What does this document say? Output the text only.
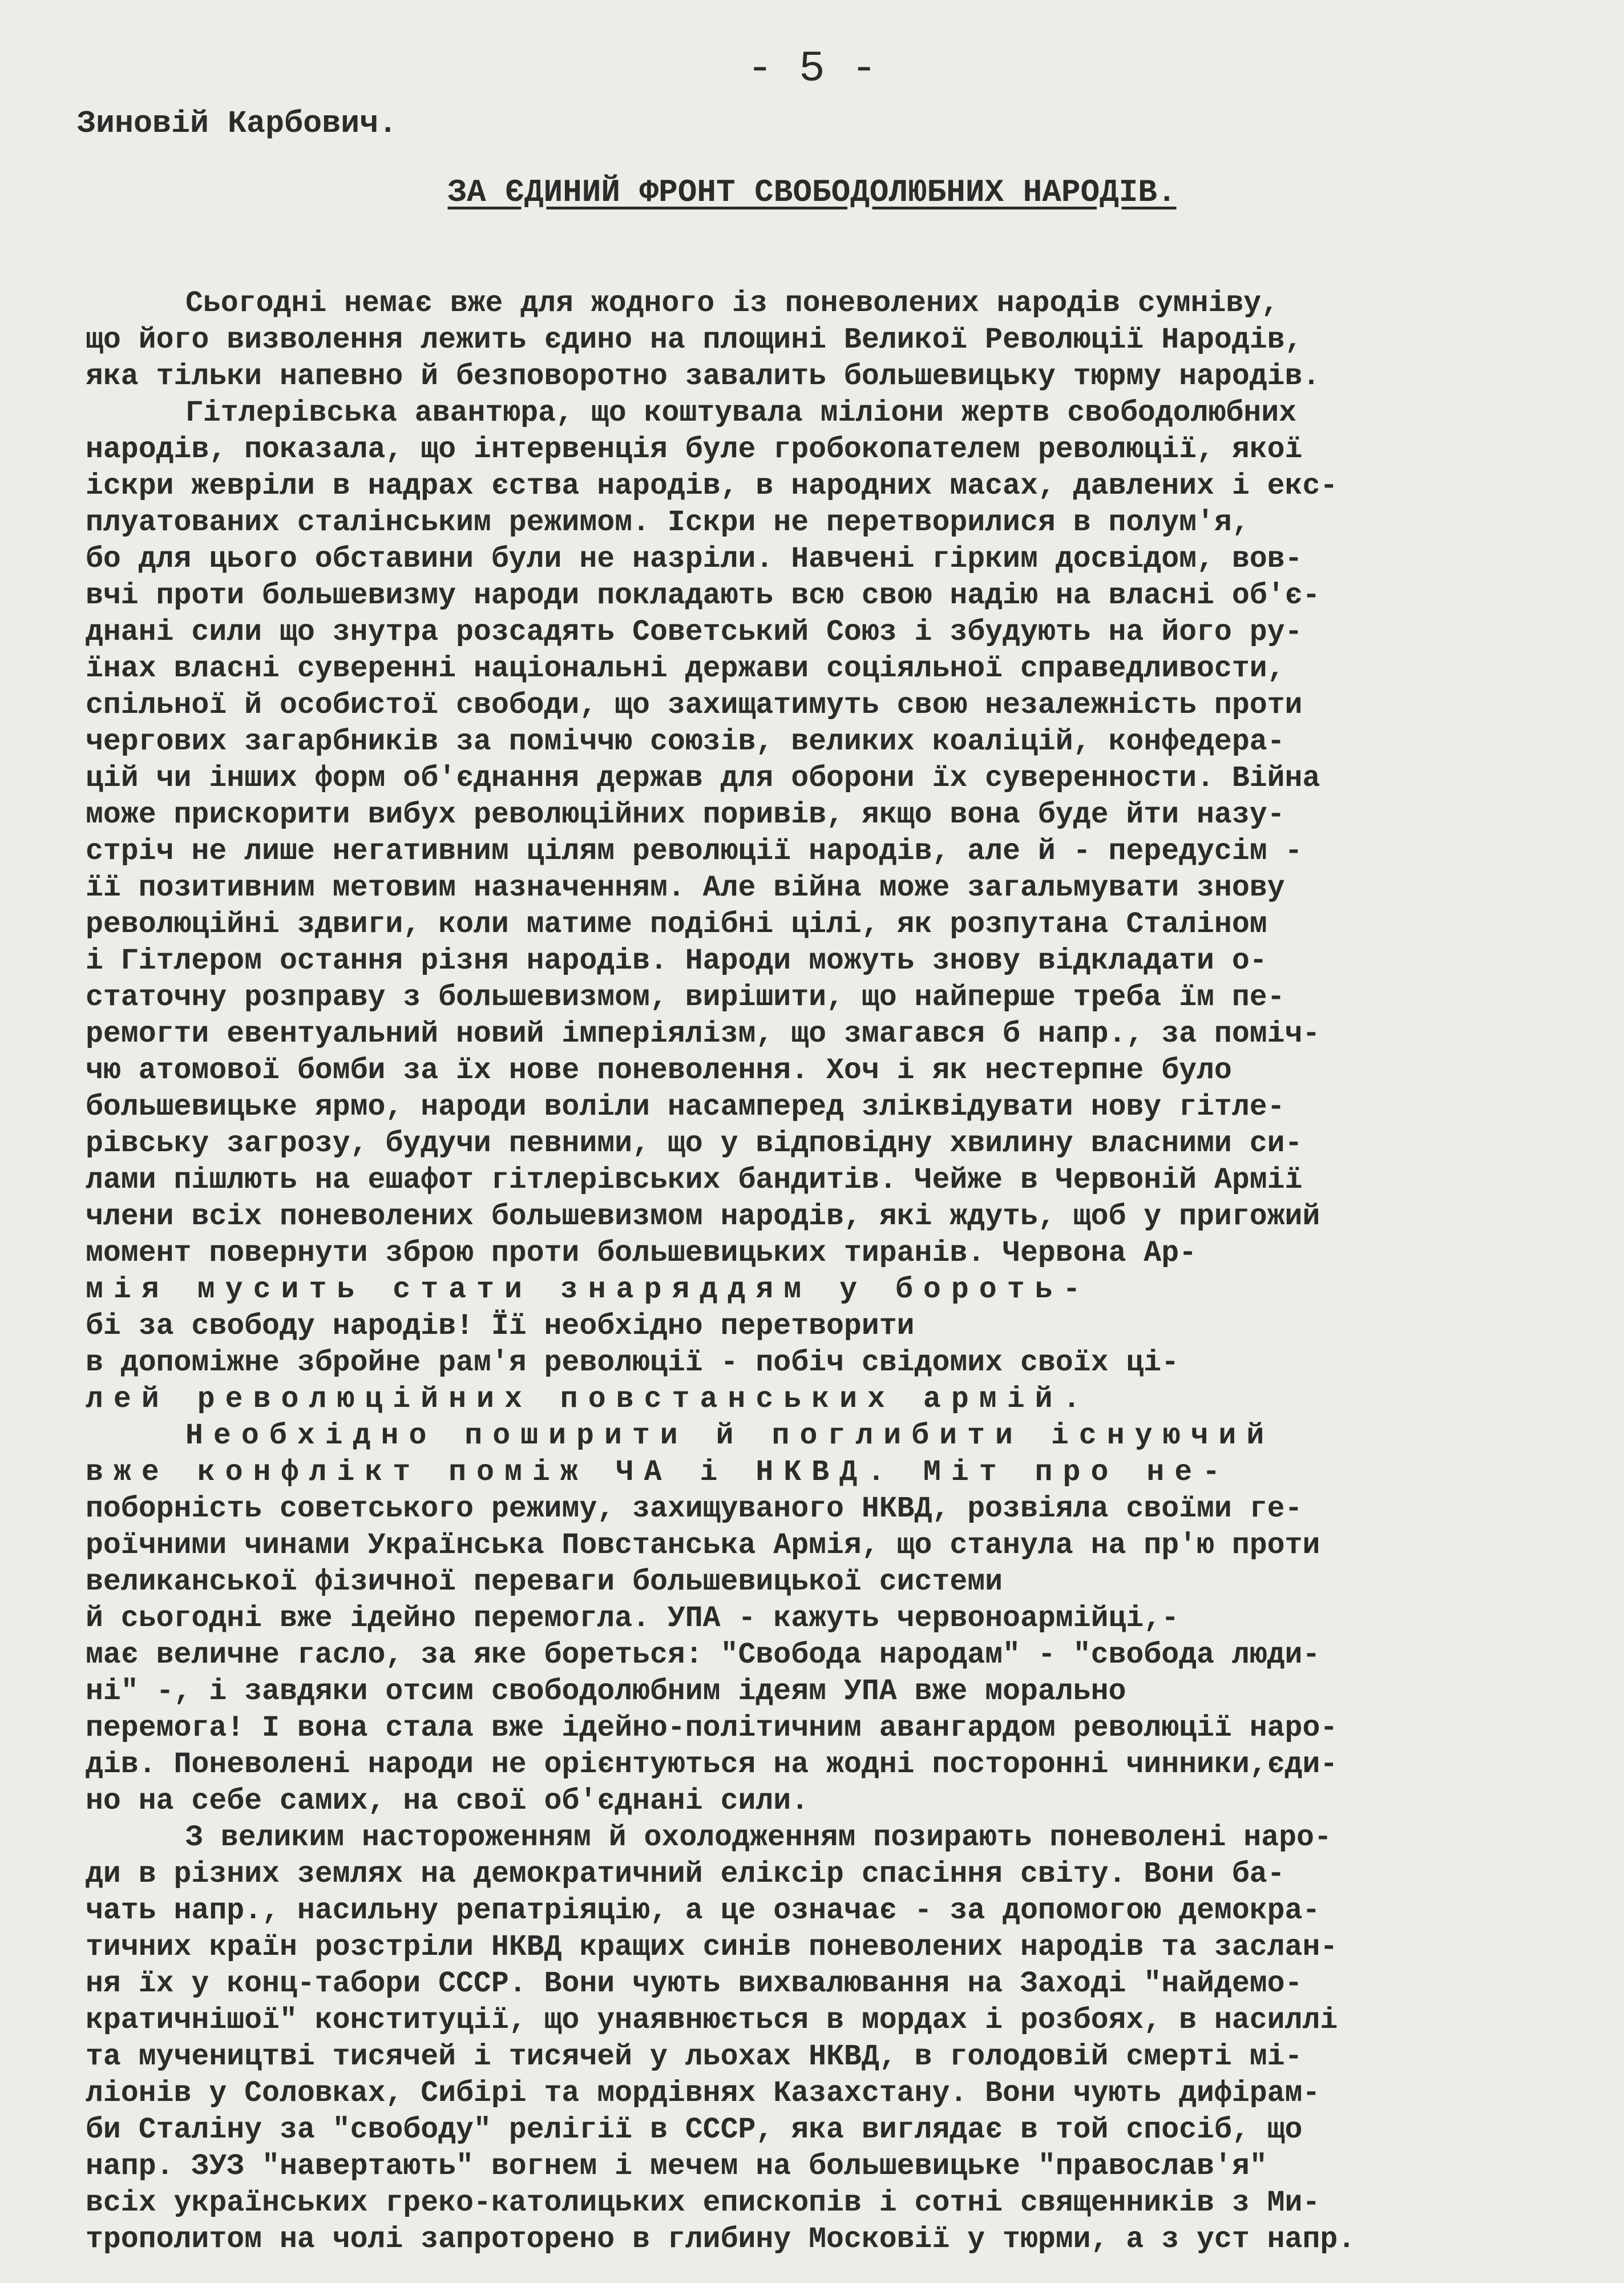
- 5 -
Зиновій Карбович.
ЗА ЄДИНИЙ ФРОНТ СВОБОДОЛЮБНИХ НАРОДІВ.
Сьогодні немає вже для жодного із поневолених народів сумніву,
що його визволення лежить єдино на площині Великої Революції Народів,
яка тільки напевно й безповоротно завалить большевицьку тюрму народів.
Гітлерівська авантюра, що коштувала міліони жертв свободолюбних
народів, показала, що інтервенція буле гробокопателем революції, якої
іскри жевріли в надрах єства народів, в народних масах, давлених і екс-
плуатованих сталінським режимом. Іскри не перетворилися в полум'я,
бо для цього обставини були не назріли. Навчені гірким досвідом, вов-
вчі проти большевизму народи покладають всю свою надію на власні об'є-
днані сили що знутра розсадять Советський Союз і збудують на його ру-
їнах власні суверенні національні держави соціяльної справедливости,
спільної й особистої свободи, що захищатимуть свою незалежність проти
чергових загарбників за поміччю союзів, великих коаліцій, конфедера-
цій чи інших форм об'єднання держав для оборони їх суверенности. Війна
може прискорити вибух революційних поривів, якщо вона буде йти назу-
стріч не лише негативним цілям революції народів, але й - передусім -
її позитивним метовим назначенням. Але війна може загальмувати знову
революційні здвиги, коли матиме подібні цілі, як розпутана Сталіном
і Гітлером остання різня народів. Народи можуть знову відкладати о-
статочну розправу з большевизмом, вирішити, що найперше треба їм пе-
ремогти евентуальний новий імперіялізм, що змагався б напр., за поміч-
чю атомової бомби за їх нове поневолення. Хоч і як нестерпне було
большевицьке ярмо, народи воліли насамперед зліквідувати нову гітле-
рівську загрозу, будучи певними, що у відповідну хвилину власними си-
лами пішлють на ешафот гітлерівських бандитів. Чейже в Червоній Армії
члени всіх поневолених большевизмом народів, які ждуть, щоб у пригожий
момент повернути зброю проти большевицьких тиранів. Червона Ар-
мія мусить стати знаряддям у бороть-
бі за свободу народів! Її необхідно перетворити
в допоміжне збройне рам'я революції - побіч свідомих своїх ці-
лей революційних повстанських армій.
Необхідно поширити й поглибити існуючий
вже конфлікт поміж ЧА і НКВД. Міт про не-
поборність советського режиму, захищуваного НКВД, розвіяла своїми ге-
роїчними чинами Українська Повстанська Армія, що станула на пр'ю проти
великанської фізичної переваги большевицької системи
й сьогодні вже ідейно перемогла. УПА - кажуть червоноармійці,-
має величне гасло, за яке бореться: "Свобода народам" - "свобода люди-
ні" -, і завдяки отсим свободолюбним ідеям УПА вже морально
перемога! І вона стала вже ідейно-політичним авангардом революції наро-
дів. Поневолені народи не орієнтуються на жодні посторонні чинники,єди-
но на себе самих, на свої об'єднані сили.
З великим настороженням й охолодженням позирають поневолені наро-
ди в різних землях на демократичний еліксір спасіння світу. Вони ба-
чать напр., насильну репатріяцію, а це означає - за допомогою демокра-
тичних країн розстріли НКВД кращих синів поневолених народів та заслан-
ня їх у конц-табори СССР. Вони чують вихвалювання на Заході "найдемо-
кратичнішої" конституції, що унаявнюється в мордах і розбоях, в насиллі
та мучеництві тисячей і тисячей у льохах НКВД, в голодовій смерті мі-
ліонів у Соловках, Сибірі та мордівнях Казахстану. Вони чують дифірам-
би Сталіну за "свободу" релігії в СССР, яка виглядає в той спосіб, що
напр. ЗУЗ "навертають" вогнем і мечем на большевицьке "православ'я"
всіх українських греко-католицьких епископів і сотні священників з Ми-
трополитом на чолі запроторено в глибину Московії у тюрми, а з уст напр.
